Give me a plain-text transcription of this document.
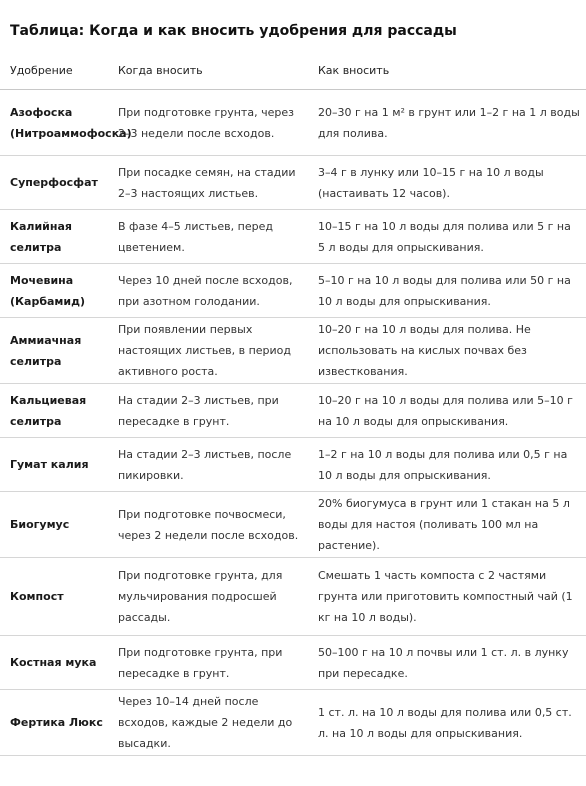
Таблица: Когда и как вносить удобрения для рассады
Удобрение	Когда вносить	Как вносить
Азофоска (Нитроаммофоска)	При подготовке грунта, через 2–3 недели после всходов.	20–30 г на 1 м² в грунт или 1–2 г на 1 л воды для полива.
Суперфосфат	При посадке семян, на стадии 2–3 настоящих листьев.	3–4 г в лунку или 10–15 г на 10 л воды (настаивать 12 часов).
Калийная селитра	В фазе 4–5 листьев, перед цветением.	10–15 г на 10 л воды для полива или 5 г на 5 л воды для опрыскивания.
Мочевина (Карбамид)	Через 10 дней после всходов, при азотном голодании.	5–10 г на 10 л воды для полива или 50 г на 10 л воды для опрыскивания.
Аммиачная селитра	При появлении первых настоящих листьев, в период активного роста.	10–20 г на 10 л воды для полива. Не использовать на кислых почвах без известкования.
Кальциевая селитра	На стадии 2–3 листьев, при пересадке в грунт.	10–20 г на 10 л воды для полива или 5–10 г на 10 л воды для опрыскивания.
Гумат калия	На стадии 2–3 листьев, после пикировки.	1–2 г на 10 л воды для полива или 0,5 г на 10 л воды для опрыскивания.
Биогумус	При подготовке почвосмеси, через 2 недели после всходов.	20% биогумуса в грунт или 1 стакан на 5 л воды для настоя (поливать 100 мл на растение).
Компост	При подготовке грунта, для мульчирования подросшей рассады.	Смешать 1 часть компоста с 2 частями грунта или приготовить компостный чай (1 кг на 10 л воды).
Костная мука	При подготовке грунта, при пересадке в грунт.	50–100 г на 10 л почвы или 1 ст. л. в лунку при пересадке.
Фертика Люкс	Через 10–14 дней после всходов, каждые 2 недели до высадки.	1 ст. л. на 10 л воды для полива или 0,5 ст. л. на 10 л воды для опрыскивания.
